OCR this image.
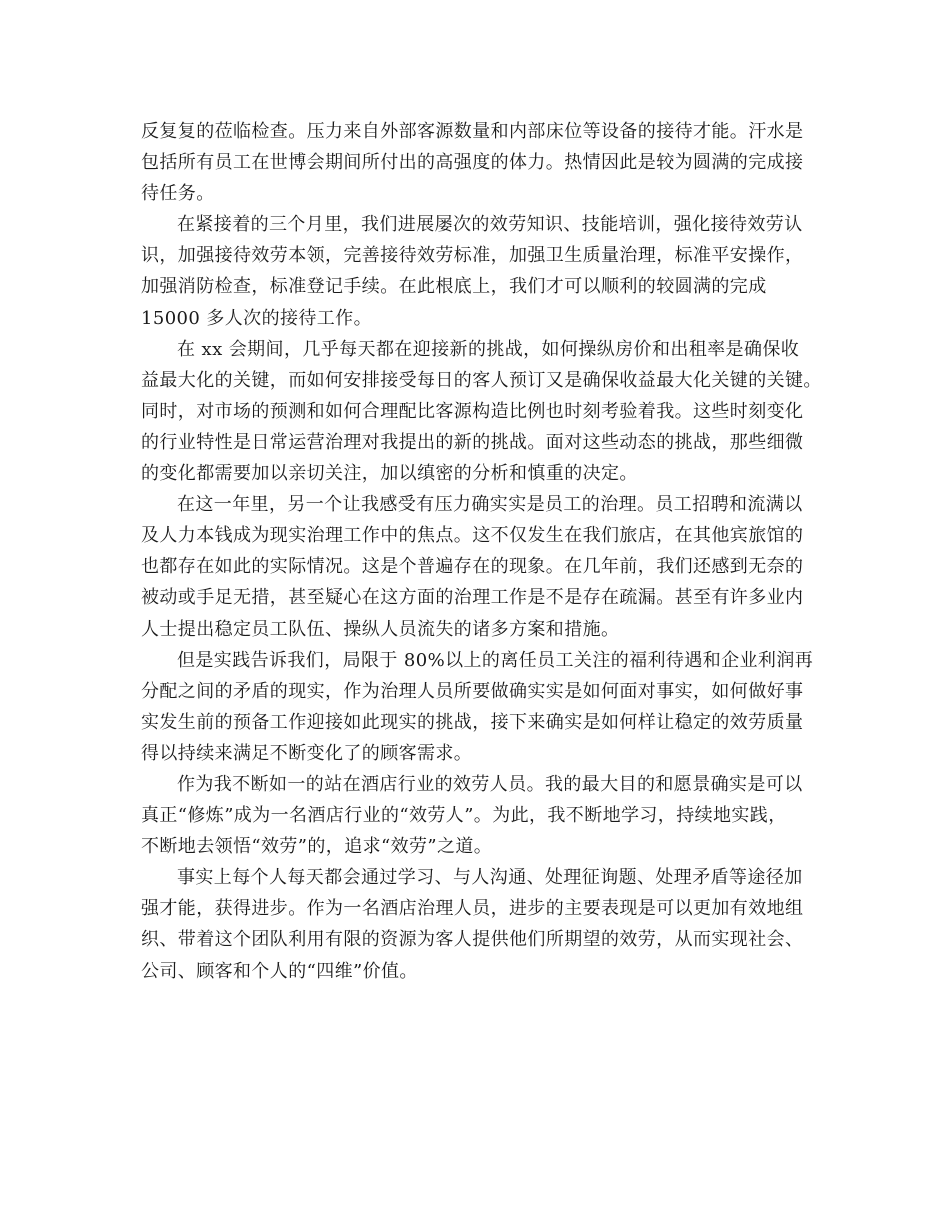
反复复的莅临检查。压力来自外部客源数量和内部床位等设备的接待才能。汗水是
包括所有员工在世博会期间所付出的高强度的体力。热情因此是较为圆满的完成接
待任务。

在紧接着的三个月里，我们进展屡次的效劳知识、技能培训，强化接待效劳认
识，加强接待效劳本领，完善接待效劳标准，加强卫生质量治理，标准平安操作，
加强消防检查，标准登记手续。在此根底上，我们才可以顺利的较圆满的完成
15000 多人次的接待工作。

在 xx 会期间，几乎每天都在迎接新的挑战，如何操纵房价和出租率是确保收
益最大化的关键，而如何安排接受每日的客人预订又是确保收益最大化关键的关键。
同时，对市场的预测和如何合理配比客源构造比例也时刻考验着我。这些时刻变化
的行业特性是日常运营治理对我提出的新的挑战。面对这些动态的挑战，那些细微
的变化都需要加以亲切关注，加以缜密的分析和慎重的决定。

在这一年里，另一个让我感受有压力确实实是员工的治理。员工招聘和流满以
及人力本钱成为现实治理工作中的焦点。这不仅发生在我们旅店，在其他宾旅馆的
也都存在如此的实际情况。这是个普遍存在的现象。在几年前，我们还感到无奈的
被动或手足无措，甚至疑心在这方面的治理工作是不是存在疏漏。甚至有许多业内
人士提出稳定员工队伍、操纵人员流失的诸多方案和措施。

但是实践告诉我们，局限于 80%以上的离任员工关注的福利待遇和企业利润再
分配之间的矛盾的现实，作为治理人员所要做确实实是如何面对事实，如何做好事
实发生前的预备工作迎接如此现实的挑战，接下来确实是如何样让稳定的效劳质量
得以持续来满足不断变化了的顾客需求。

作为我不断如一的站在酒店行业的效劳人员。我的最大目的和愿景确实是可以
真正“修炼”成为一名酒店行业的“效劳人”。为此，我不断地学习，持续地实践，
不断地去领悟“效劳”的，追求“效劳”之道。

事实上每个人每天都会通过学习、与人沟通、处理征询题、处理矛盾等途径加
强才能，获得进步。作为一名酒店治理人员，进步的主要表现是可以更加有效地组
织、带着这个团队利用有限的资源为客人提供他们所期望的效劳，从而实现社会、
公司、顾客和个人的“四维”价值。
